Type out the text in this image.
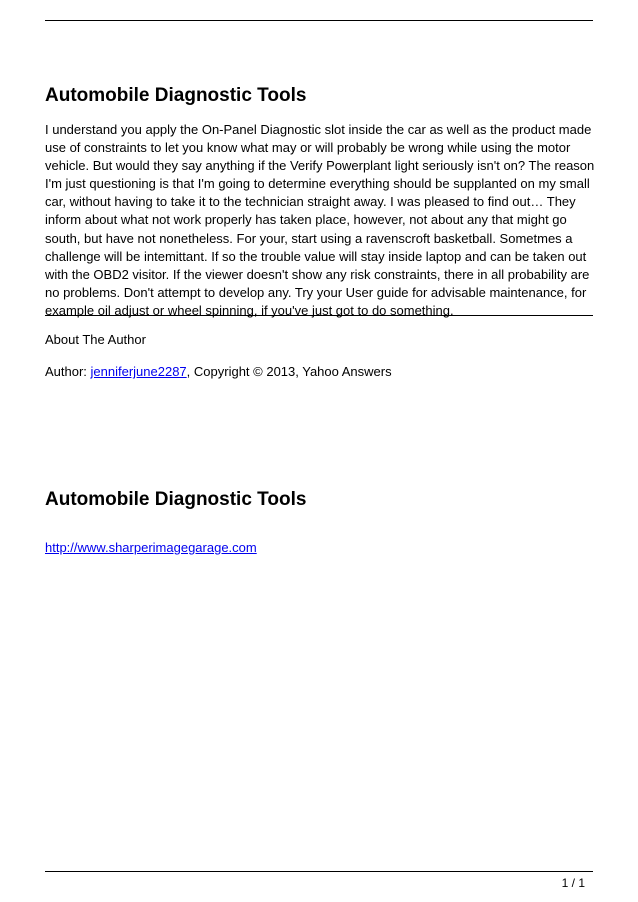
Automobile Diagnostic Tools
I understand you apply the On-Panel Diagnostic slot inside the car as well as the product made
use of constraints to let you know what may or will probably be wrong while using the motor
vehicle. But would they say anything if the Verify Powerplant light seriously isn't on? The reason
I'm just questioning is that I'm going to determine everything should be supplanted on my small
car, without having to take it to the technician straight away. I was pleased to find out… They
inform about what not work properly has taken place, however, not about any that might go
south, but have not nonetheless. For your, start using a ravenscroft basketball. Sometmes a
challenge will be intemittant. If so the trouble value will stay inside laptop and can be taken out
with the OBD2 visitor. If the viewer doesn't show any risk constraints, there in all probability are
no problems. Don't attempt to develop any. Try your User guide for advisable maintenance, for
example oil adjust or wheel spinning, if you've just got to do something.

About The Author

Author: jenniferjune2287, Copyright © 2013, Yahoo Answers

Automobile Diagnostic Tools

http://www.sharperimagegarage.com

1 / 1
